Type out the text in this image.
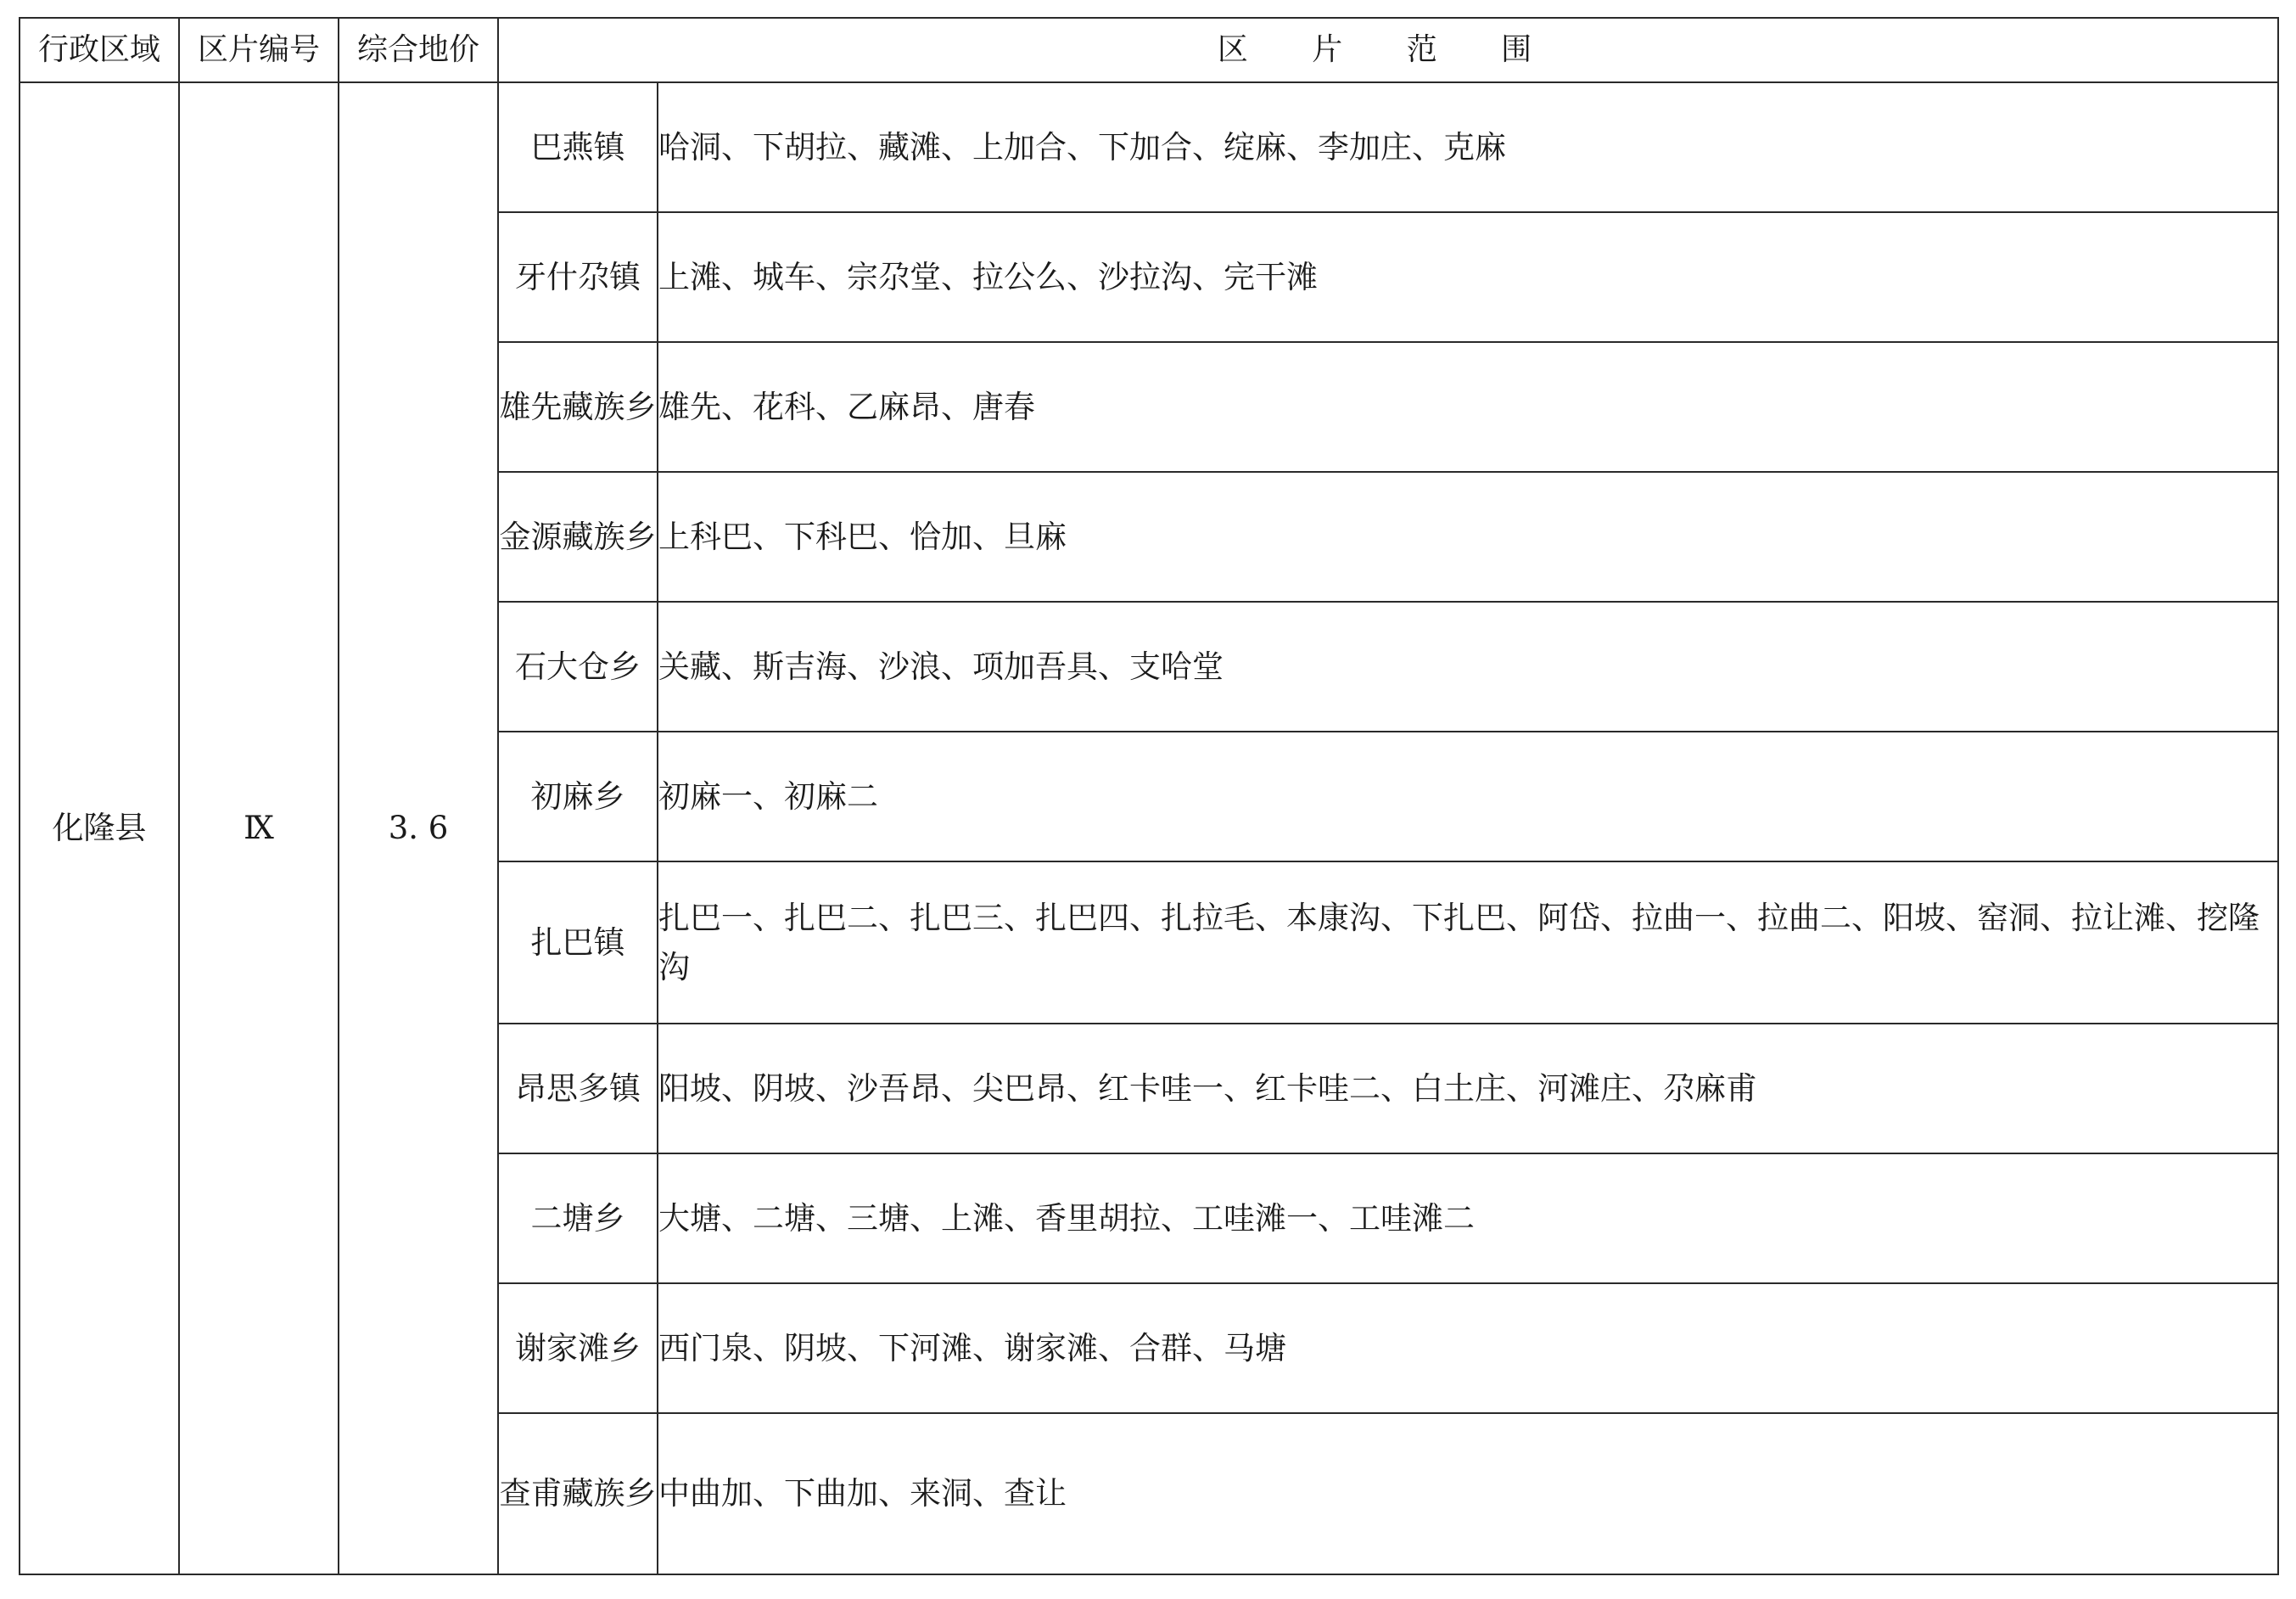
行政区域	区片编号	综合地价	区 片 范 围	
化隆县	Ⅸ	3. 6	巴燕镇	哈洞、下胡拉、藏滩、上加合、下加合、绽麻、李加庄、克麻
			牙什尕镇	上滩、城车、宗尕堂、拉公么、沙拉沟、完干滩
			雄先藏族乡	雄先、花科、乙麻昂、唐春
			金源藏族乡	上科巴、下科巴、恰加、旦麻
			石大仓乡	关藏、斯吉海、沙浪、项加吾具、支哈堂
			初麻乡	初麻一、初麻二
			扎巴镇	扎巴一、扎巴二、扎巴三、扎巴四、扎拉毛、本康沟、下扎巴、阿岱、拉曲一、拉曲二、阳坡、窑洞、拉让滩、挖隆沟
			昂思多镇	阳坡、阴坡、沙吾昂、尖巴昂、红卡哇一、红卡哇二、白土庄、河滩庄、尕麻甫
			二塘乡	大塘、二塘、三塘、上滩、香里胡拉、工哇滩一、工哇滩二
			谢家滩乡	西门泉、阴坡、下河滩、谢家滩、合群、马塘
			查甫藏族乡	中曲加、下曲加、来洞、查让
